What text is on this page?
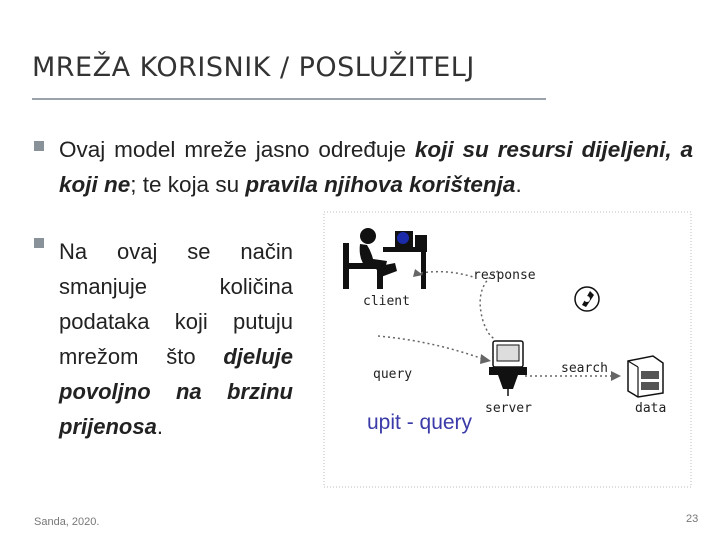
MREŽA KORISNIK / POSLUŽITELJ
Ovaj model mreže jasno određuje koji su resursi dijeljeni, a koji ne; te koja su pravila njihova korištenja.
Na ovaj se način smanjuje količina podataka koji putuju mrežom što djeluje povoljno na brzinu prijenosa.
client
response
query	search
server	data
upit - query
Sanda, 2020.	23
